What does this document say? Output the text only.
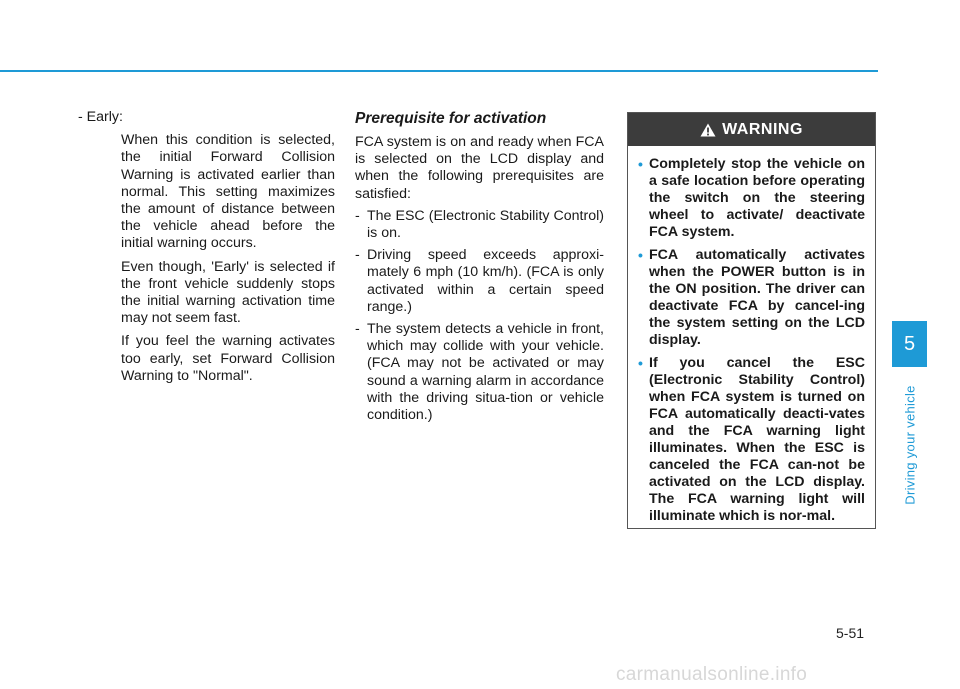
- Early:

When this condition is selected, the initial Forward Collision Warning is activated earlier than normal. This setting maximizes the amount of distance between the vehicle ahead before the initial warning occurs.

Even though, 'Early' is selected if the front vehicle suddenly stops the initial warning activation time may not seem fast.

If you feel the warning activates too early, set Forward Collision Warning to "Normal".

Prerequisite for activation

FCA system is on and ready when FCA is selected on the LCD display and when the following prerequisites are satisfied:

- The ESC (Electronic Stability Control) is on.
- Driving speed exceeds approxi-mately 6 mph (10 km/h). (FCA is only activated within a certain speed range.)
- The system detects a vehicle in front, which may collide with your vehicle. (FCA may not be activated or may sound a warning alarm in accordance with the driving situa-tion or vehicle condition.)
WARNING
• Completely stop the vehicle on a safe location before operating the switch on the steering wheel to activate/ deactivate FCA system.
• FCA automatically activates when the POWER button is in the ON position. The driver can deactivate FCA by cancel-ing the system setting on the LCD display.
• If you cancel the ESC (Electronic Stability Control) when FCA system is turned on FCA automatically deacti-vates and the FCA warning light illuminates. When the ESC is canceled the FCA can-not be activated on the LCD display. The FCA warning light will illuminate which is nor-mal.
5
Driving your vehicle
5-51
carmanualsonline.info
